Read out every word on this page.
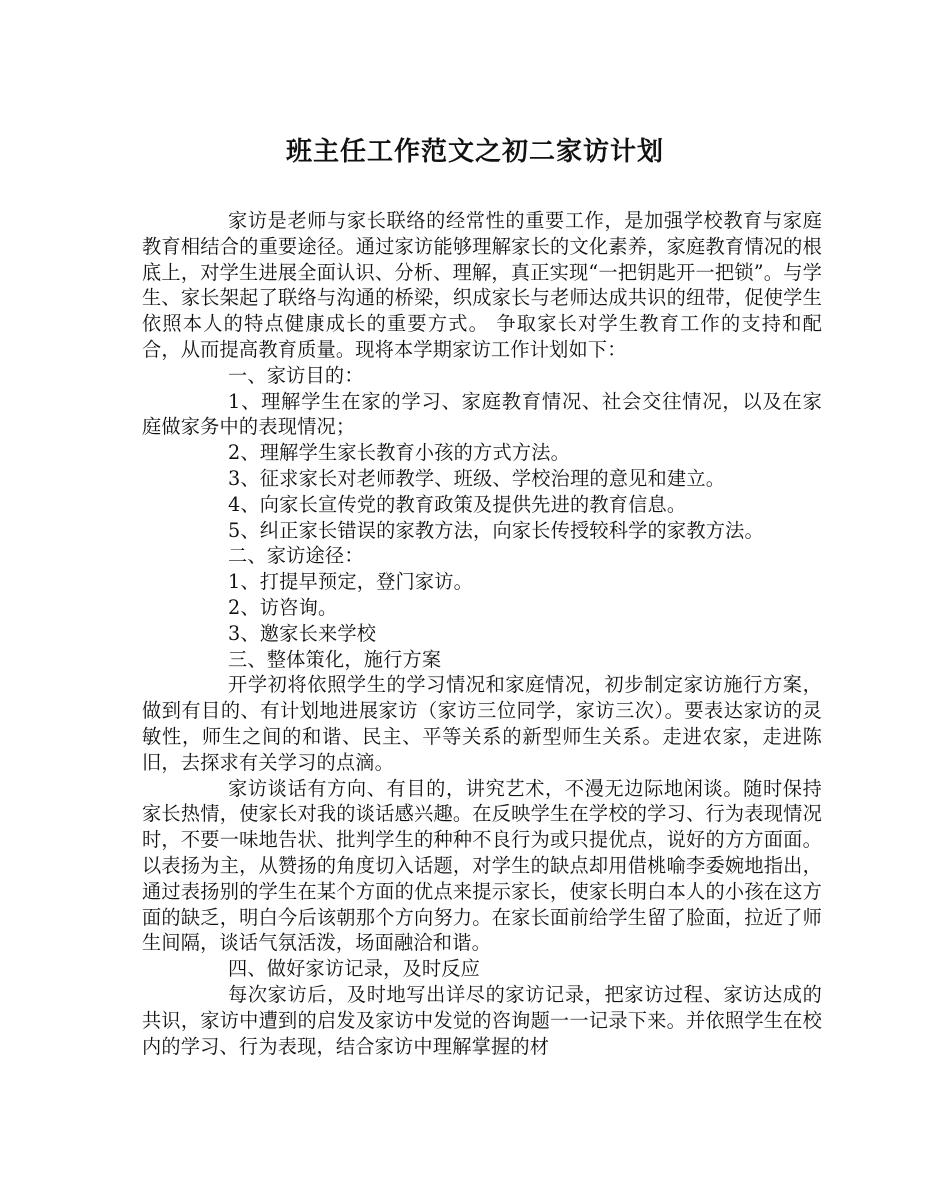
班主任工作范文之初二家访计划

家访是老师与家长联络的经常性的重要工作，是加强学校教育与家庭教育相结合的重要途径。通过家访能够理解家长的文化素养，家庭教育情况的根底上，对学生进展全面认识、分析、理解，真正实现“一把钥匙开一把锁”。与学生、家长架起了联络与沟通的桥梁，织成家长与老师达成共识的纽带，促使学生依照本人的特点健康成长的重要方式。 争取家长对学生教育工作的支持和配合，从而提高教育质量。现将本学期家访工作计划如下：

一、家访目的：

1、理解学生在家的学习、家庭教育情况、社会交往情况，以及在家庭做家务中的表现情况；

2、理解学生家长教育小孩的方式方法。

3、征求家长对老师教学、班级、学校治理的意见和建立。

4、向家长宣传党的教育政策及提供先进的教育信息。

5、纠正家长错误的家教方法，向家长传授较科学的家教方法。

二、家访途径：

1、打提早预定，登门家访。

2、访咨询。

3、邀家长来学校

三、整体策化，施行方案

开学初将依照学生的学习情况和家庭情况，初步制定家访施行方案，做到有目的、有计划地进展家访（家访三位同学，家访三次）。要表达家访的灵敏性，师生之间的和谐、民主、平等关系的新型师生关系。走进农家，走进陈旧，去探求有关学习的点滴。

家访谈话有方向、有目的，讲究艺术，不漫无边际地闲谈。随时保持家长热情，使家长对我的谈话感兴趣。在反映学生在学校的学习、行为表现情况时，不要一味地告状、批判学生的种种不良行为或只提优点，说好的方方面面。以表扬为主，从赞扬的角度切入话题，对学生的缺点却用借桃喻李委婉地指出，通过表扬别的学生在某个方面的优点来提示家长，使家长明白本人的小孩在这方面的缺乏，明白今后该朝那个方向努力。在家长面前给学生留了脸面，拉近了师生间隔，谈话气氛活泼，场面融洽和谐。

四、做好家访记录，及时反应

每次家访后，及时地写出详尽的家访记录，把家访过程、家访达成的共识，家访中遭到的启发及家访中发觉的咨询题一一记录下来。并依照学生在校内的学习、行为表现，结合家访中理解掌握的材
